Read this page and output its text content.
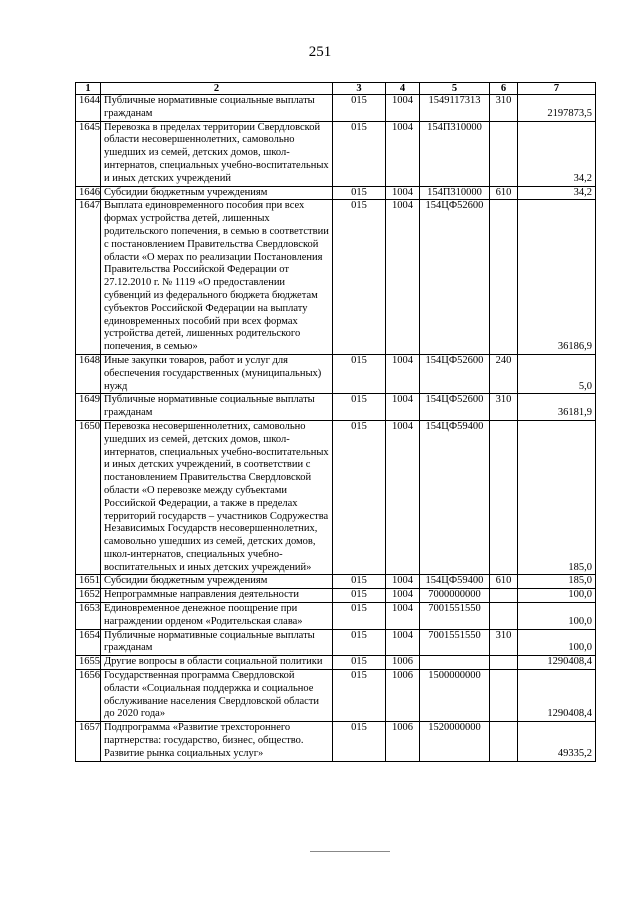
251
1	2	3	4	5	6	7
1644	Публичные нормативные социальные выплаты гражданам	015	1004	1549117313	310	2197873,5
1645	Перевозка в пределах территории Свердловской области несовершеннолетних, самовольно ушедших из семей, детских домов, школ-интернатов, специальных учебно-воспитательных и иных детских учреждений	015	1004	154П310000		34,2
1646	Субсидии бюджетным учреждениям	015	1004	154П310000	610	34,2
1647	Выплата единовременного пособия при всех формах устройства детей, лишенных родительского попечения, в семью в соответствии с постановлением Правительства Свердловской области «О мерах по реализации Постановления Правительства Российской Федерации от 27.12.2010 г. № 1119 «О предоставлении субвенций из федерального бюджета бюджетам субъектов Российской Федерации на выплату единовременных пособий при всех формах устройства детей, лишенных родительского попечения, в семью»	015	1004	154ЦФ52600		36186,9
1648	Иные закупки товаров, работ и услуг для обеспечения государственных (муниципальных) нужд	015	1004	154ЦФ52600	240	5,0
1649	Публичные нормативные социальные выплаты гражданам	015	1004	154ЦФ52600	310	36181,9
1650	Перевозка несовершеннолетних, самовольно ушедших из семей, детских домов, школ-интернатов, специальных учебно-воспитательных и иных детских учреждений, в соответствии с постановлением Правительства Свердловской области «О перевозке между субъектами Российской Федерации, а также в пределах территорий государств – участников Содружества Независимых Государств несовершеннолетних, самовольно ушедших из семей, детских домов, школ-интернатов, специальных учебно-воспитательных и иных детских учреждений»	015	1004	154ЦФ59400		185,0
1651	Субсидии бюджетным учреждениям	015	1004	154ЦФ59400	610	185,0
1652	Непрограммные направления деятельности	015	1004	7000000000		100,0
1653	Единовременное денежное поощрение при награждении орденом «Родительская слава»	015	1004	7001551550		100,0
1654	Публичные нормативные социальные выплаты гражданам	015	1004	7001551550	310	100,0
1655	Другие вопросы в области социальной политики	015	1006			1290408,4
1656	Государственная программа Свердловской области «Социальная поддержка и социальное обслуживание населения Свердловской области до 2020 года»	015	1006	1500000000		1290408,4
1657	Подпрограмма «Развитие трехстороннего партнерства: государство, бизнес, общество. Развитие рынка социальных услуг»	015	1006	1520000000		49335,2
